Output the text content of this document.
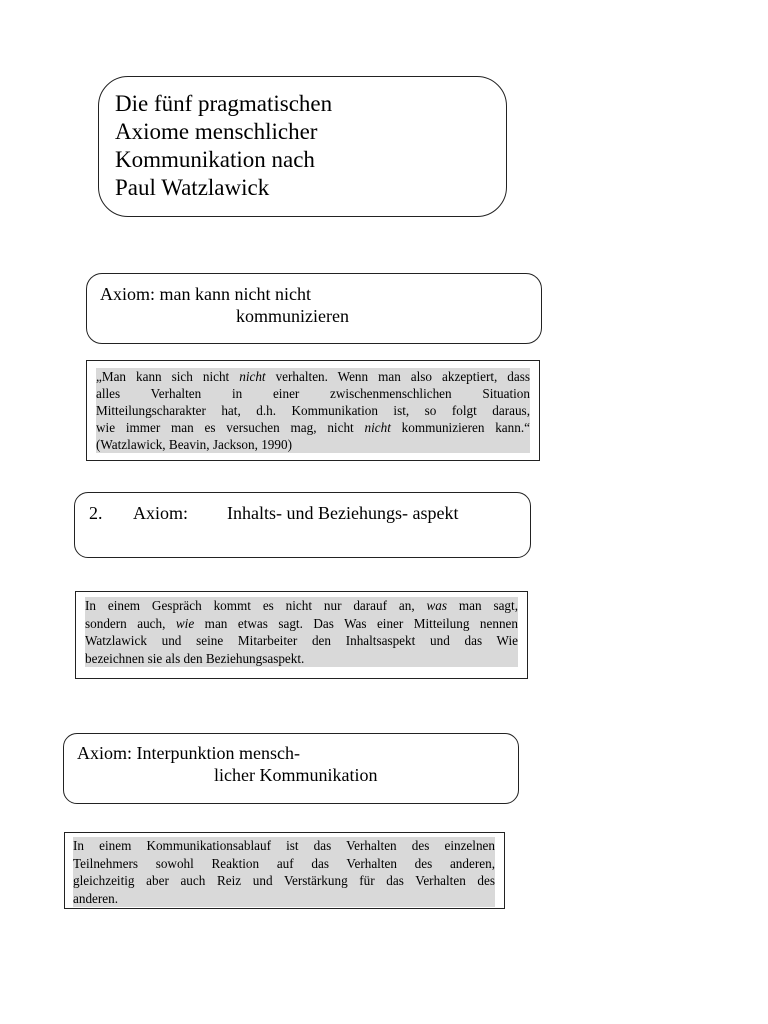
Die fünf pragmatischen
Axiome menschlicher
Kommunikation nach
Paul Watzlawick
Axiom: man kann nicht nicht
kommunizieren
„Man kann sich nicht nicht verhalten. Wenn man also akzeptiert, dass
alles Verhalten in einer zwischenmenschlichen Situation
Mitteilungscharakter hat, d.h. Kommunikation ist, so folgt daraus,
wie immer man es versuchen mag, nicht nicht kommunizieren kann.“
(Watzlawick, Beavin, Jackson, 1990)
2. Axiom: Inhalts- und Beziehungs- aspekt
In einem Gespräch kommt es nicht nur darauf an, was man sagt,
sondern auch, wie man etwas sagt. Das Was einer Mitteilung nennen
Watzlawick und seine Mitarbeiter den Inhaltsaspekt und das Wie
bezeichnen sie als den Beziehungsaspekt.
Axiom: Interpunktion mensch-
licher Kommunikation
In einem Kommunikationsablauf ist das Verhalten des einzelnen
Teilnehmers sowohl Reaktion auf das Verhalten des anderen,
gleichzeitig aber auch Reiz und Verstärkung für das Verhalten des
anderen.
